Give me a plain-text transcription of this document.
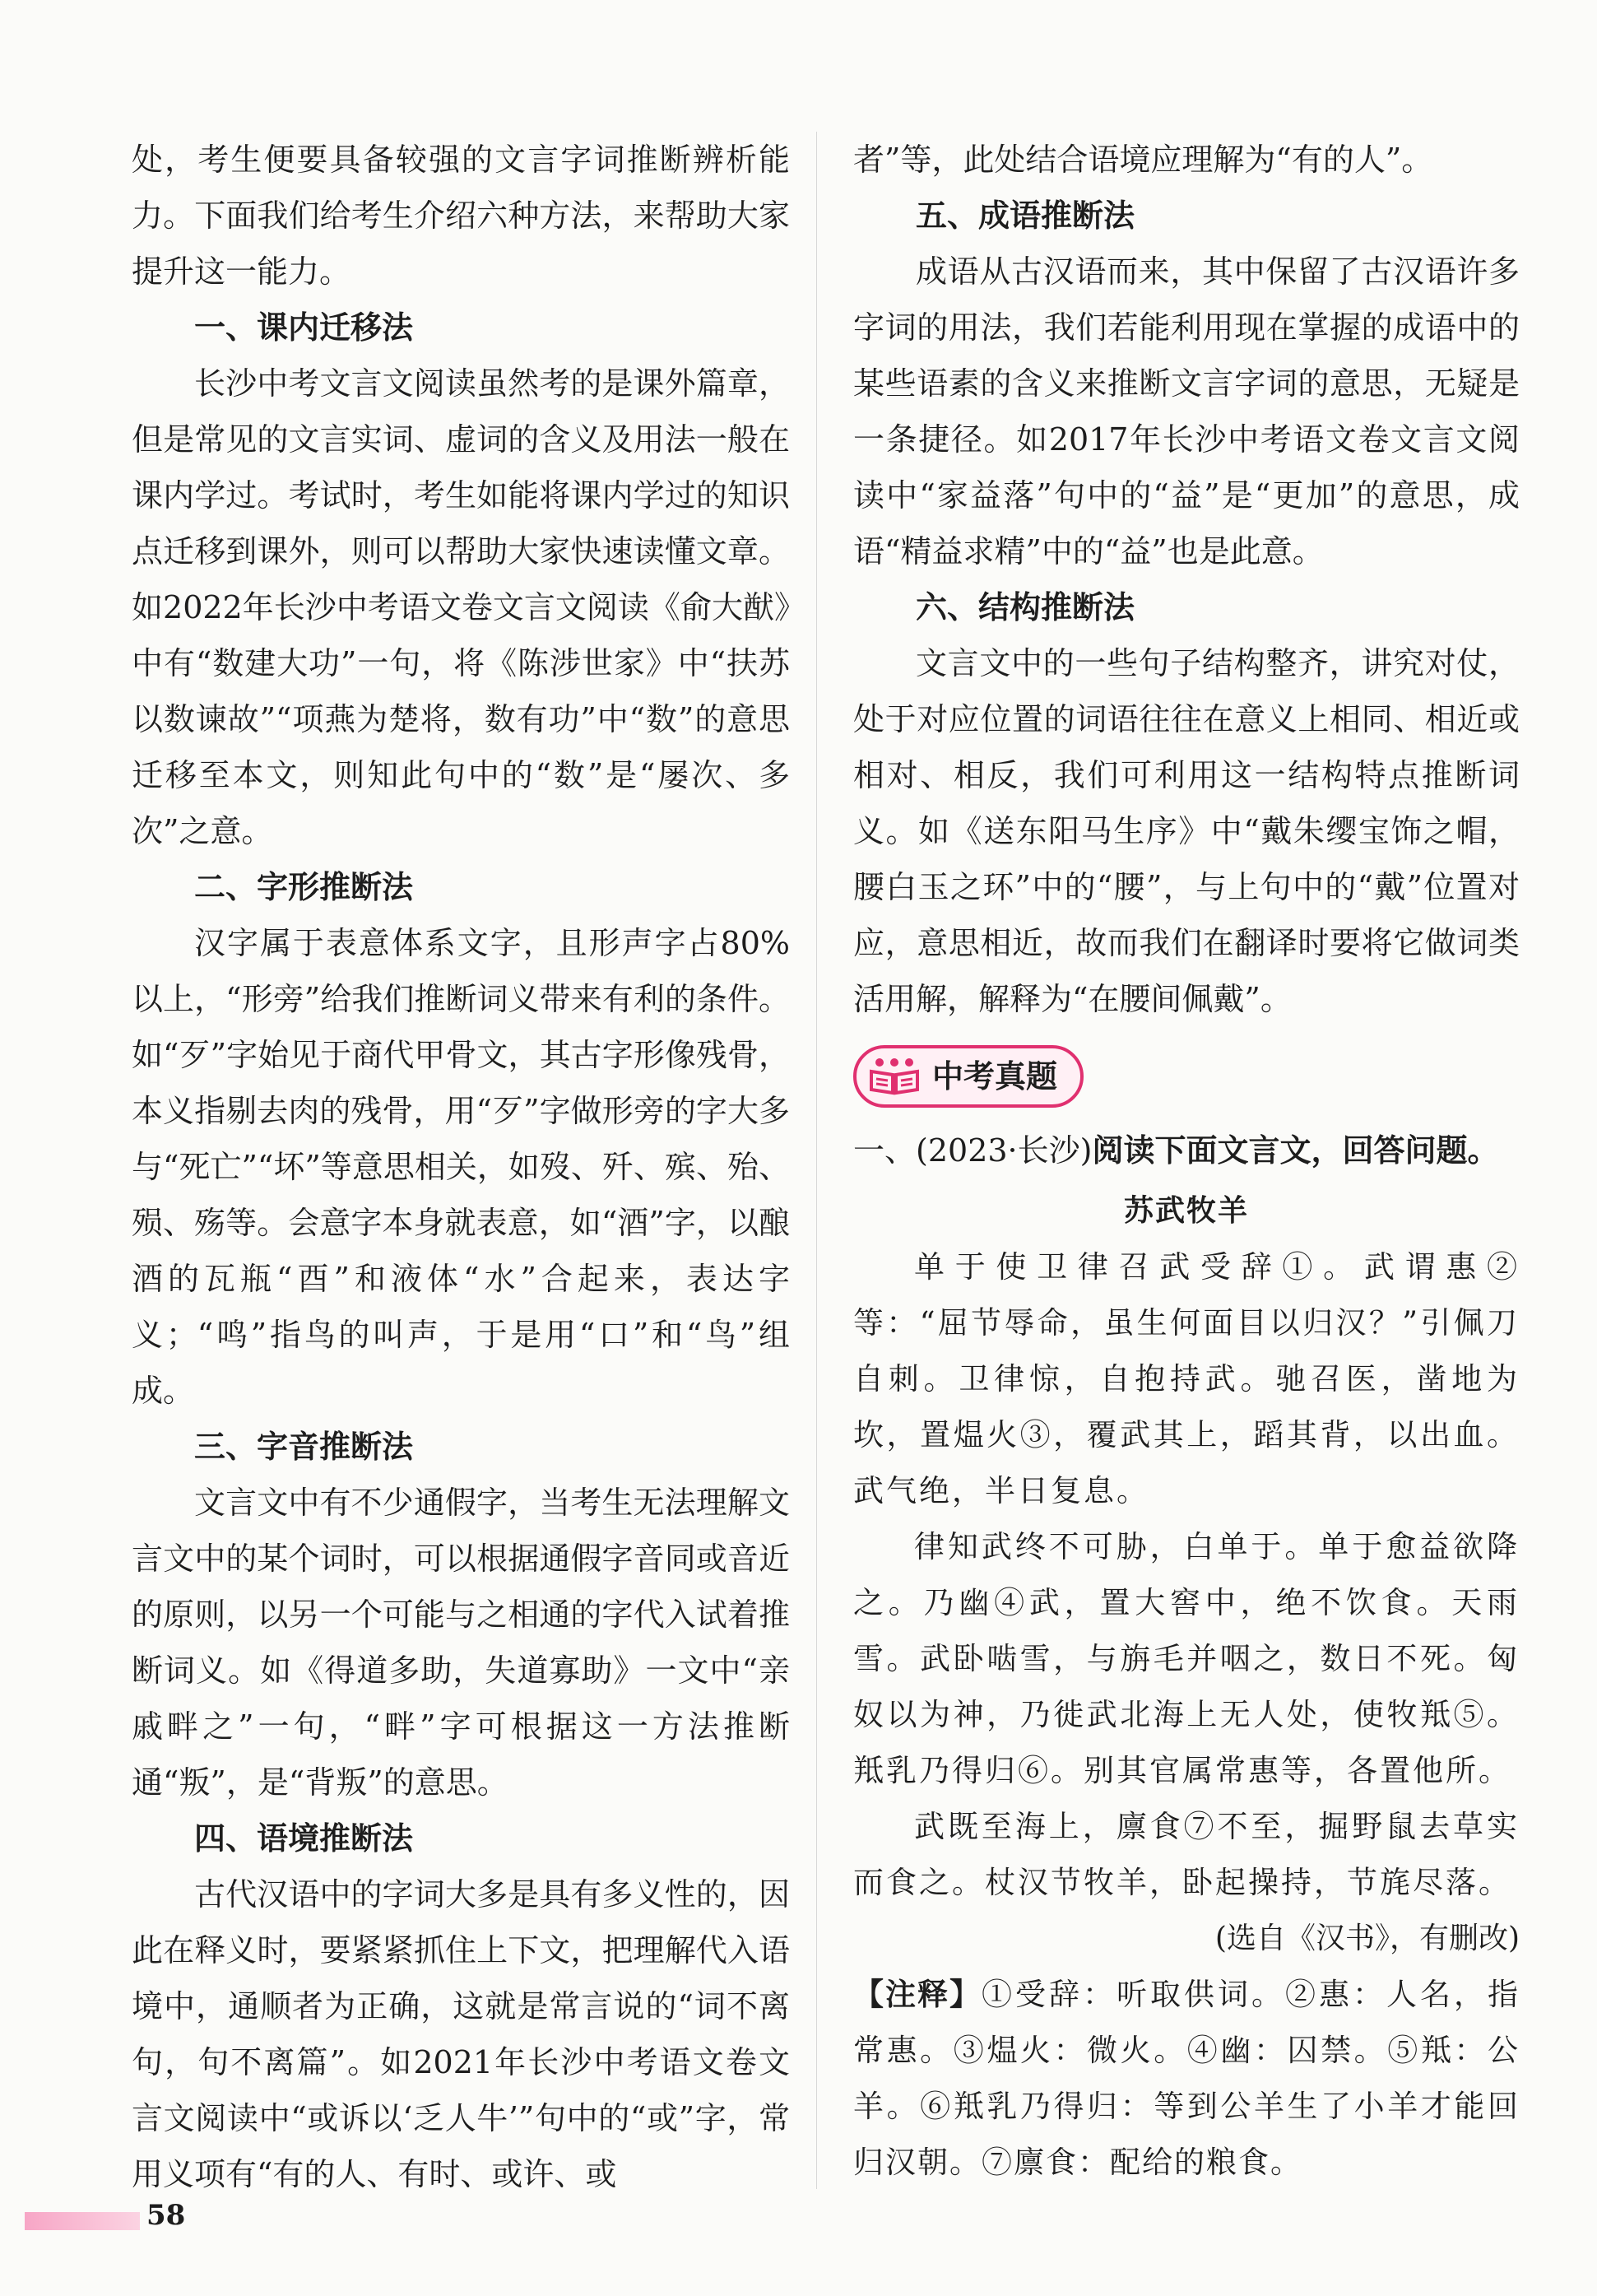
处，考生便要具备较强的文言字词推断辨析能力。下面我们给考生介绍六种方法，来帮助大家提升这一能力。

一、课内迁移法

长沙中考文言文阅读虽然考的是课外篇章，但是常见的文言实词、虚词的含义及用法一般在课内学过。考试时，考生如能将课内学过的知识点迁移到课外，则可以帮助大家快速读懂文章。如2022年长沙中考语文卷文言文阅读《俞大猷》中有“数建大功”一句，将《陈涉世家》中“扶苏以数谏故”“项燕为楚将，数有功”中“数”的意思迁移至本文，则知此句中的“数”是“屡次、多次”之意。

二、字形推断法

汉字属于表意体系文字，且形声字占80%以上，“形旁”给我们推断词义带来有利的条件。如“歹”字始见于商代甲骨文，其古字形像残骨，本义指剔去肉的残骨，用“歹”字做形旁的字大多与“死亡”“坏”等意思相关，如歿、歼、殡、殆、殒、殇等。会意字本身就表意，如“酒”字，以酿酒的瓦瓶“酉”和液体“水”合起来，表达字义；“鸣”指鸟的叫声，于是用“口”和“鸟”组成。

三、字音推断法

文言文中有不少通假字，当考生无法理解文言文中的某个词时，可以根据通假字音同或音近的原则，以另一个可能与之相通的字代入试着推断词义。如《得道多助，失道寡助》一文中“亲戚畔之”一句，“畔”字可根据这一方法推断通“叛”，是“背叛”的意思。

四、语境推断法

古代汉语中的字词大多是具有多义性的，因此在释义时，要紧紧抓住上下文，把理解代入语境中，通顺者为正确，这就是常言说的“词不离句，句不离篇”。如2021年长沙中考语文卷文言文阅读中“或诉以‘乏人牛’”句中的“或”字，常用义项有“有的人、有时、或许、或

者”等，此处结合语境应理解为“有的人”。

五、成语推断法

成语从古汉语而来，其中保留了古汉语许多字词的用法，我们若能利用现在掌握的成语中的某些语素的含义来推断文言字词的意思，无疑是一条捷径。如2017年长沙中考语文卷文言文阅读中“家益落”句中的“益”是“更加”的意思，成语“精益求精”中的“益”也是此意。

六、结构推断法

文言文中的一些句子结构整齐，讲究对仗，处于对应位置的词语往往在意义上相同、相近或相对、相反，我们可利用这一结构特点推断词义。如《送东阳马生序》中“戴朱缨宝饰之帽，腰白玉之环”中的“腰”，与上句中的“戴”位置对应，意思相近，故而我们在翻译时要将它做词类活用解，解释为“在腰间佩戴”。

中考真题
一、(2023·长沙)阅读下面文言文，回答问题。
苏武牧羊

单于使卫律召武受辞①。武谓惠②等：“屈节辱命，虽生何面目以归汉？”引佩刀自刺。卫律惊，自抱持武。驰召医，凿地为坎，置煴火③，覆武其上，蹈其背，以出血。武气绝，半日复息。

律知武终不可胁，白单于。单于愈益欲降之。乃幽④武，置大窖中，绝不饮食。天雨雪。武卧啮雪，与旃毛并咽之，数日不死。匈奴以为神，乃徙武北海上无人处，使牧羝⑤。羝乳乃得归⑥。别其官属常惠等，各置他所。

武既至海上，廪食⑦不至，掘野鼠去草实而食之。杖汉节牧羊，卧起操持，节旄尽落。

(选自《汉书》，有删改)
【注释】①受辞：听取供词。②惠：人名，指常惠。③煴火：微火。④幽：囚禁。⑤羝：公羊。⑥羝乳乃得归：等到公羊生了小羊才能回归汉朝。⑦廪食：配给的粮食。
58
